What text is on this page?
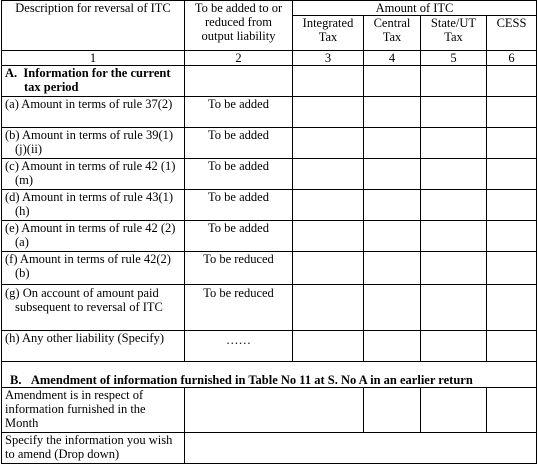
Description for reversal of ITC	To be added to or reduced from output liability	Amount of ITC			
		Integrated Tax	Central Tax	State/UT Tax	CESS
1	2	3	4	5	6
A.  Information for the current tax period					
(a) Amount in terms of rule 37(2)	To be added				
(b) Amount in terms of rule 39(1)(j)(ii)	To be added				
(c) Amount in terms of rule 42 (1) (m)	To be added				
(d) Amount in terms of rule 43(1) (h)	To be added				
(e) Amount in terms of rule 42 (2)(a)	To be added				
(f) Amount in terms of rule 42(2)(b)	To be reduced				
(g) On account of amount paid subsequent to reversal of ITC	To be reduced				
(h) Any other liability (Specify)	……				

B.   Amendment of information furnished in Table No 11 at S. No A in an earlier return					
Amendment is in respect of information furnished in the Month		

Specify the information you wish to amend (Drop down)					
